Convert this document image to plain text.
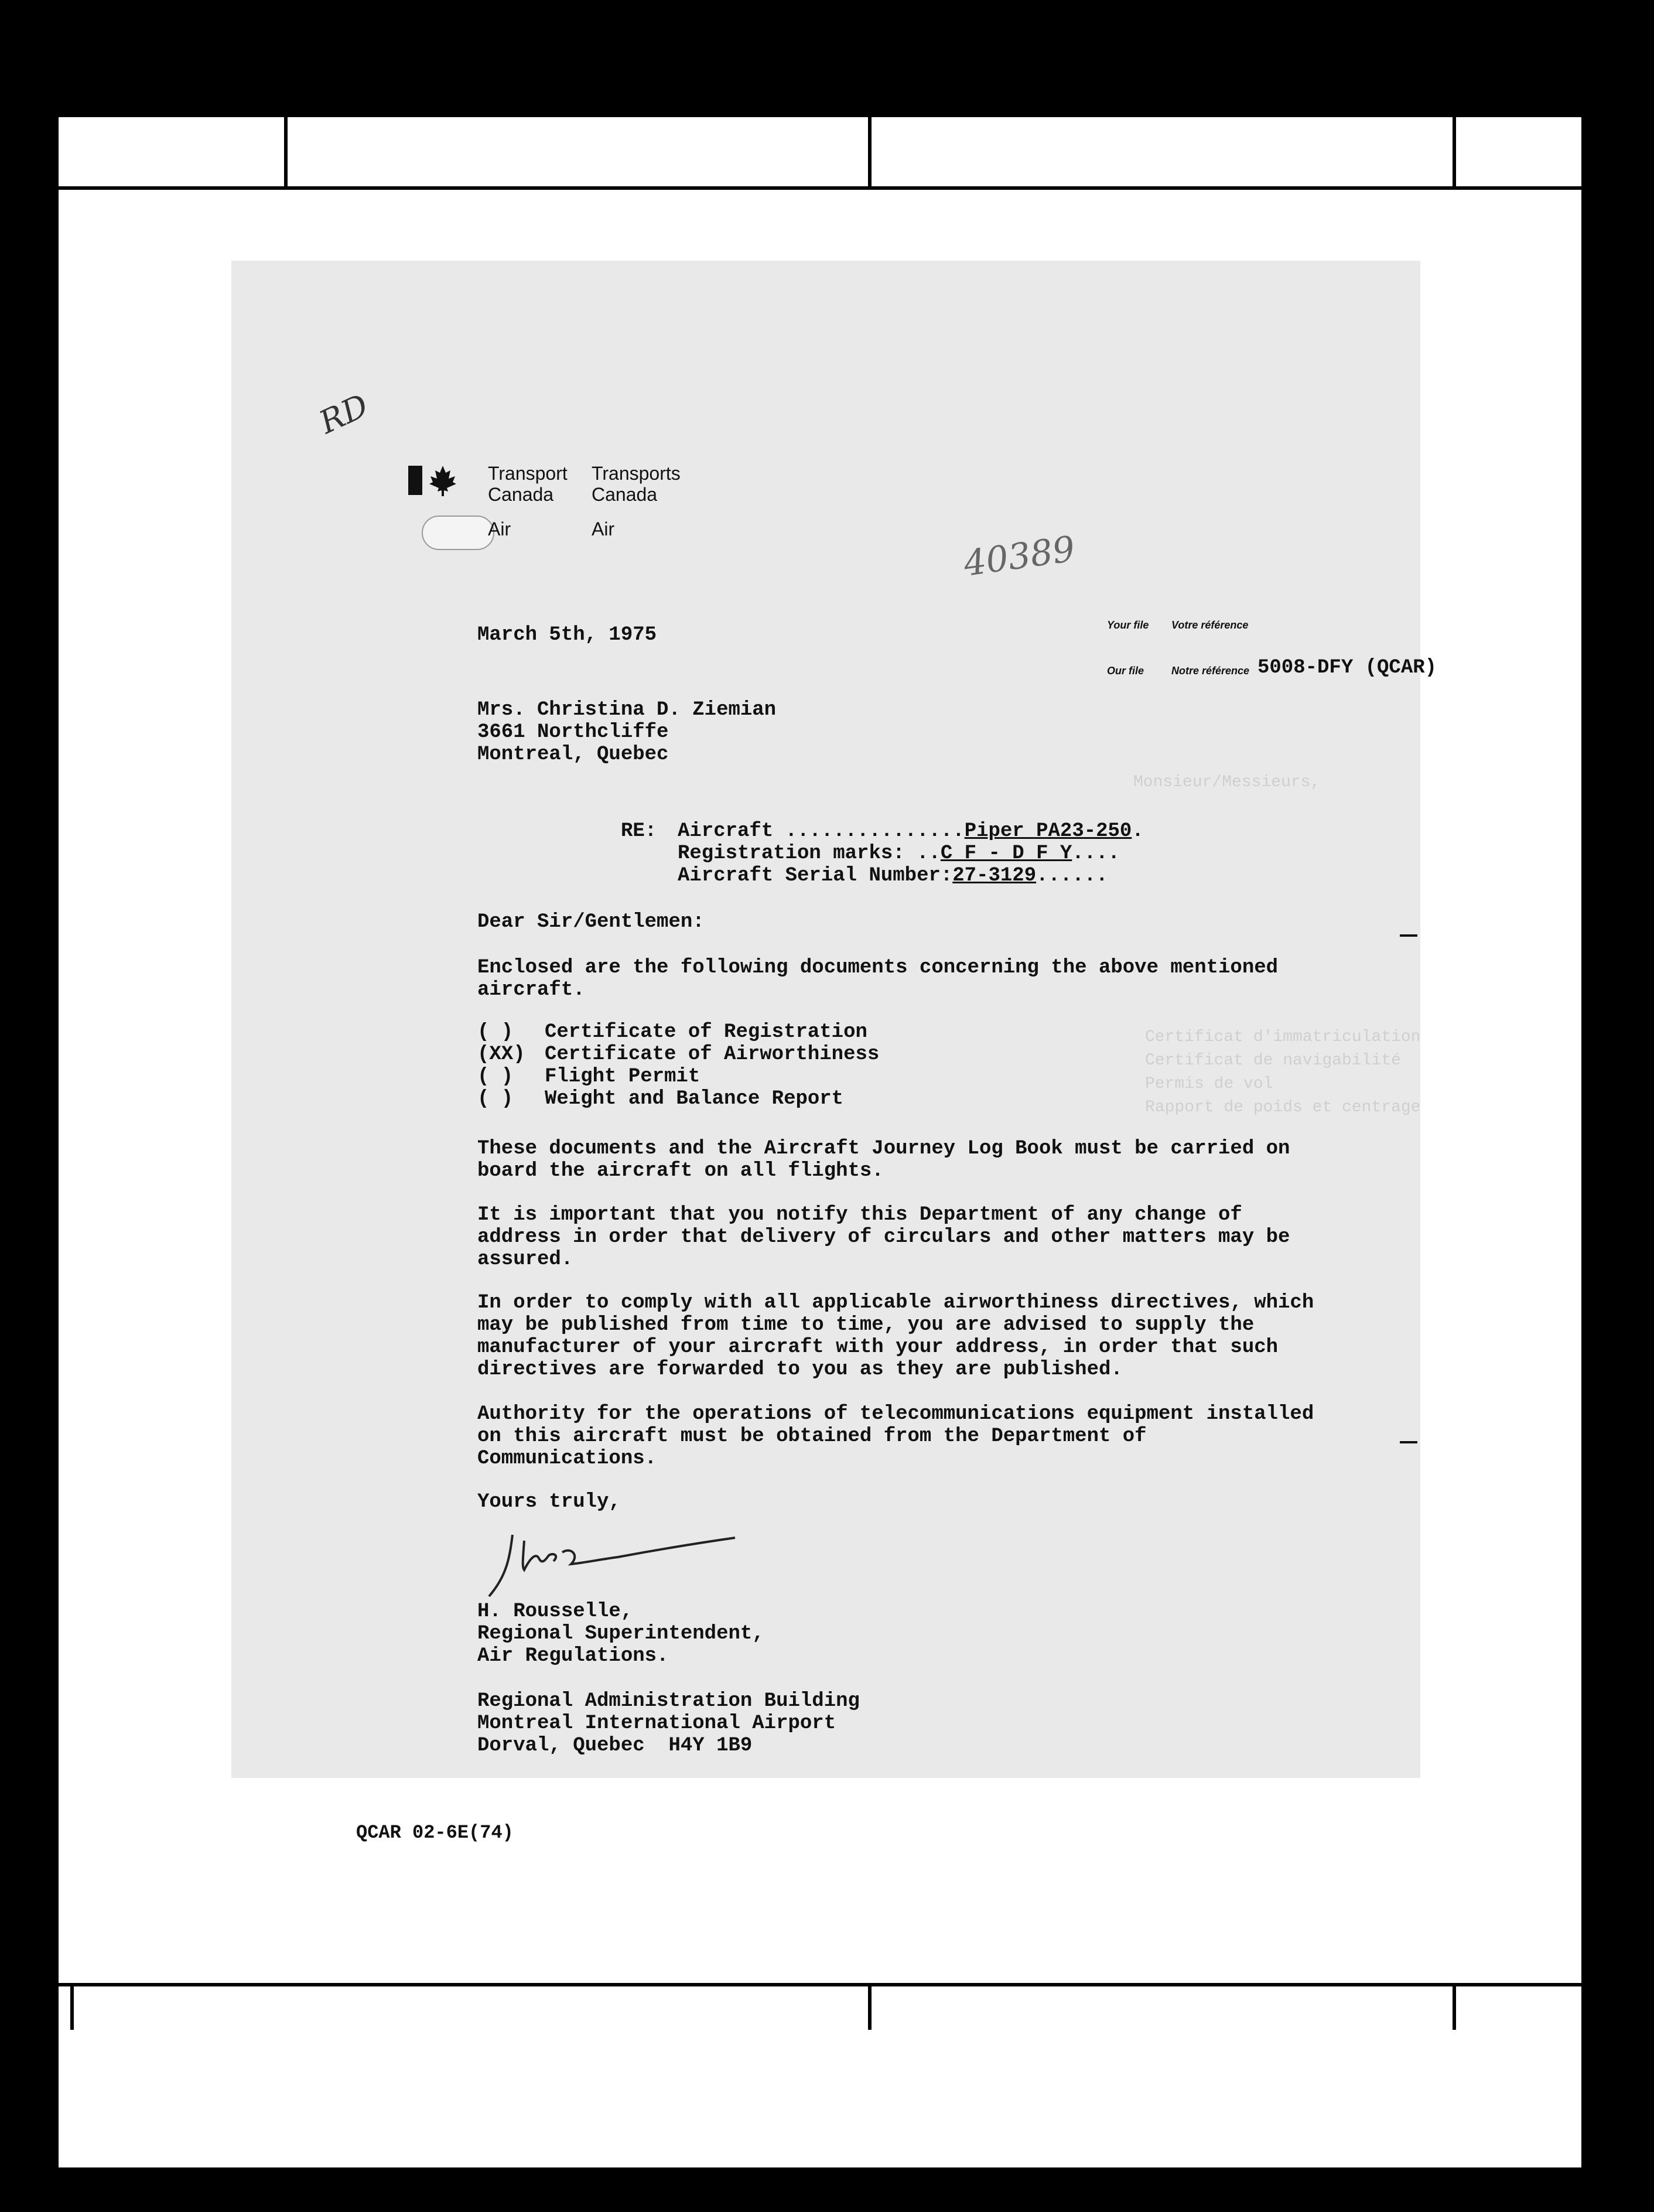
Monsieur/Messieurs,
Certificat d'immatriculation
Certificat de navigabilité
Permis de vol
Rapport de poids et centrage
RD
Transport Canada
Transports Canada
Air	Air	40389
Your file Votre référence
Our file	Notre référence 5008-DFY (QCAR)
March 5th, 1975
Mrs. Christina D. Ziemian
3661 Northcliffe
Montreal, Quebec
RE: Aircraft ...............Piper PA23-250.
Registration marks: ..C F - D F Y....
Aircraft Serial Number:27-3129......
Dear Sir/Gentlemen:
Enclosed are the following documents concerning the above mentioned aircraft.
( ) Certificate of Registration
(XX) Certificate of Airworthiness
( ) Flight Permit
( ) Weight and Balance Report
These documents and the Aircraft Journey Log Book must be carried on board the aircraft on all flights.
It is important that you notify this Department of any change of address in order that delivery of circulars and other matters may be assured.
In order to comply with all applicable airworthiness directives, which may be published from time to time, you are advised to supply the manufacturer of your aircraft with your address, in order that such directives are forwarded to you as they are published.
Authority for the operations of telecommunications equipment installed on this aircraft must be obtained from the Department of Communications.
Yours truly,
H. Rousselle,
Regional Superintendent,
Air Regulations.
Regional Administration Building
Montreal International Airport
Dorval, Quebec  H4Y 1B9
QCAR 02-6E(74)
